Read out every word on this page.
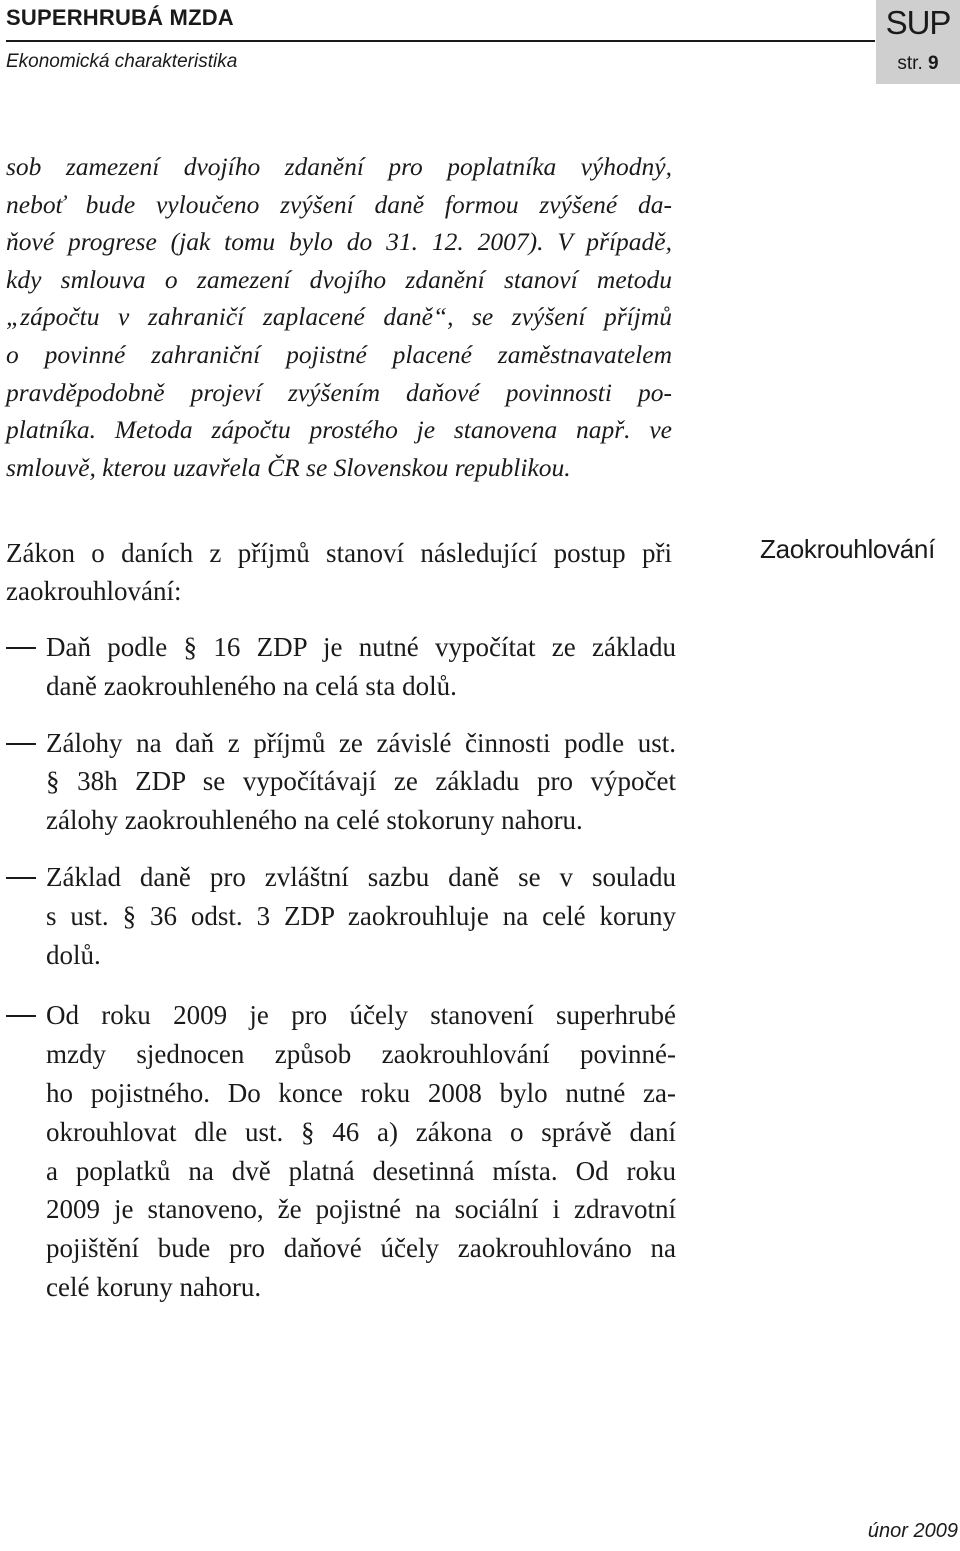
SUPERHRUBÁ MZDA
Ekonomická charakteristika
SUP
str. 9
sob zamezení dvojího zdanění pro poplatníka výhodný,
neboť bude vyloučeno zvýšení daně formou zvýšené da-
ňové progrese (jak tomu bylo do 31. 12. 2007). V případě,
kdy smlouva o zamezení dvojího zdanění stanoví metodu
„zápočtu v zahraničí zaplacené daně“, se zvýšení příjmů
o povinné zahraniční pojistné placené zaměstnavatelem
pravděpodobně projeví zvýšením daňové povinnosti po-
platníka. Metoda zápočtu prostého je stanovena např. ve
smlouvě, kterou uzavřela ČR se Slovenskou republikou.
Zákon o daních z příjmů stanoví následující postup při
zaokrouhlování:
Zaokrouhlování
Daň podle § 16 ZDP je nutné vypočítat ze základu
daně zaokrouhleného na celá sta dolů.
Zálohy na daň z příjmů ze závislé činnosti podle ust.
§ 38h ZDP se vypočítávají ze základu pro výpočet
zálohy zaokrouhleného na celé stokoruny nahoru.
Základ daně pro zvláštní sazbu daně se v souladu
s ust. § 36 odst. 3 ZDP zaokrouhluje na celé koruny
dolů.
Od roku 2009 je pro účely stanovení superhrubé
mzdy sjednocen způsob zaokrouhlování povinné-
ho pojistného. Do konce roku 2008 bylo nutné za-
okrouhlovat dle ust. § 46 a) zákona o správě daní
a poplatků na dvě platná desetinná místa. Od roku
2009 je stanoveno, že pojistné na sociální i zdravotní
pojištění bude pro daňové účely zaokrouhlováno na
celé koruny nahoru.
únor 2009
